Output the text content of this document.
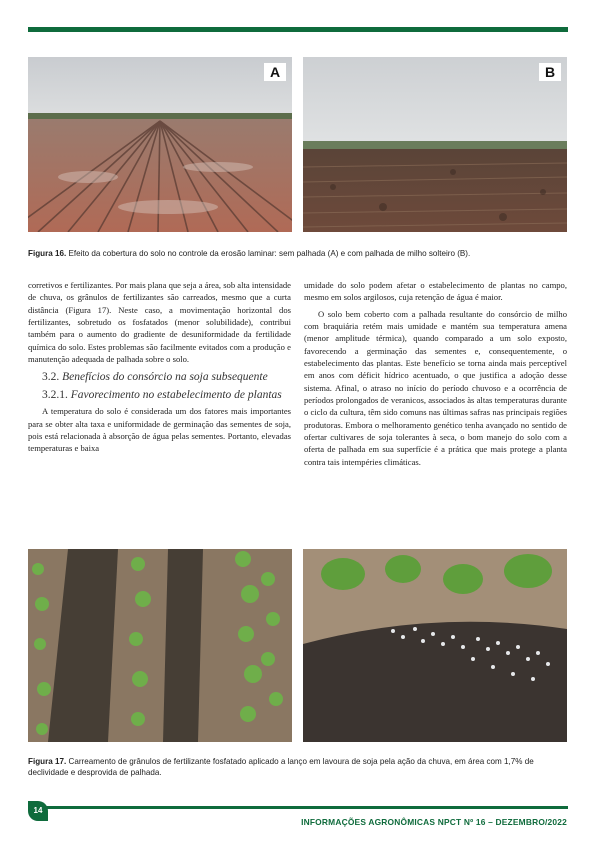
A	B
Figura 16. Efeito da cobertura do solo no controle da erosão laminar: sem palhada (A) e com palhada de milho solteiro (B).

corretivos e fertilizantes. Por mais plana que seja a área, sob alta intensidade de chuva, os grânulos de fertilizantes são carreados, mesmo que a curta distância (Figura 17). Neste caso, a movimentação horizontal dos fertilizantes, sobretudo os fosfatados (menor solubilidade), contribui também para o aumento do gradiente de desuniformidade da fertilidade química do solo. Estes problemas são facilmente evitados com a produção e manutenção adequada de palhada sobre o solo.

3.2. Benefícios do consórcio na soja subsequente
3.2.1. Favorecimento no estabelecimento de plantas

A temperatura do solo é considerada um dos fatores mais importantes para se obter alta taxa e uniformidade de germinação das sementes de soja, pois está relacionada à absorção de água pelas sementes. Portanto, elevadas temperaturas e baixa

umidade do solo podem afetar o estabelecimento de plantas no campo, mesmo em solos argilosos, cuja retenção de água é maior.

O solo bem coberto com a palhada resultante do consórcio de milho com braquiária retém mais umidade e mantém sua temperatura amena (menor amplitude térmica), quando comparado a um solo exposto, favorecendo a germinação das sementes e, consequentemente, o estabelecimento das plantas. Este benefício se torna ainda mais perceptível em anos com déficit hídrico acentuado, o que justifica a adoção desse sistema. Afinal, o atraso no início do período chuvoso e a ocorrência de períodos prolongados de veranicos, associados às altas temperaturas durante o ciclo da cultura, têm sido comuns nas últimas safras nas principais regiões produtoras. Embora o melhoramento genético tenha avançado no sentido de ofertar cultivares de soja tolerantes à seca, o bom manejo do solo com a oferta de palhada em sua superfície é a prática que mais protege a planta contra tais intempéries climáticas.

Figura 17. Carreamento de grânulos de fertilizante fosfatado aplicado a lanço em lavoura de soja pela ação da chuva, em área com 1,7% de declividade e desprovida de palhada.
14
INFORMAÇÕES AGRONÔMICAS NPCT Nº 16 – DEZEMBRO/2022
